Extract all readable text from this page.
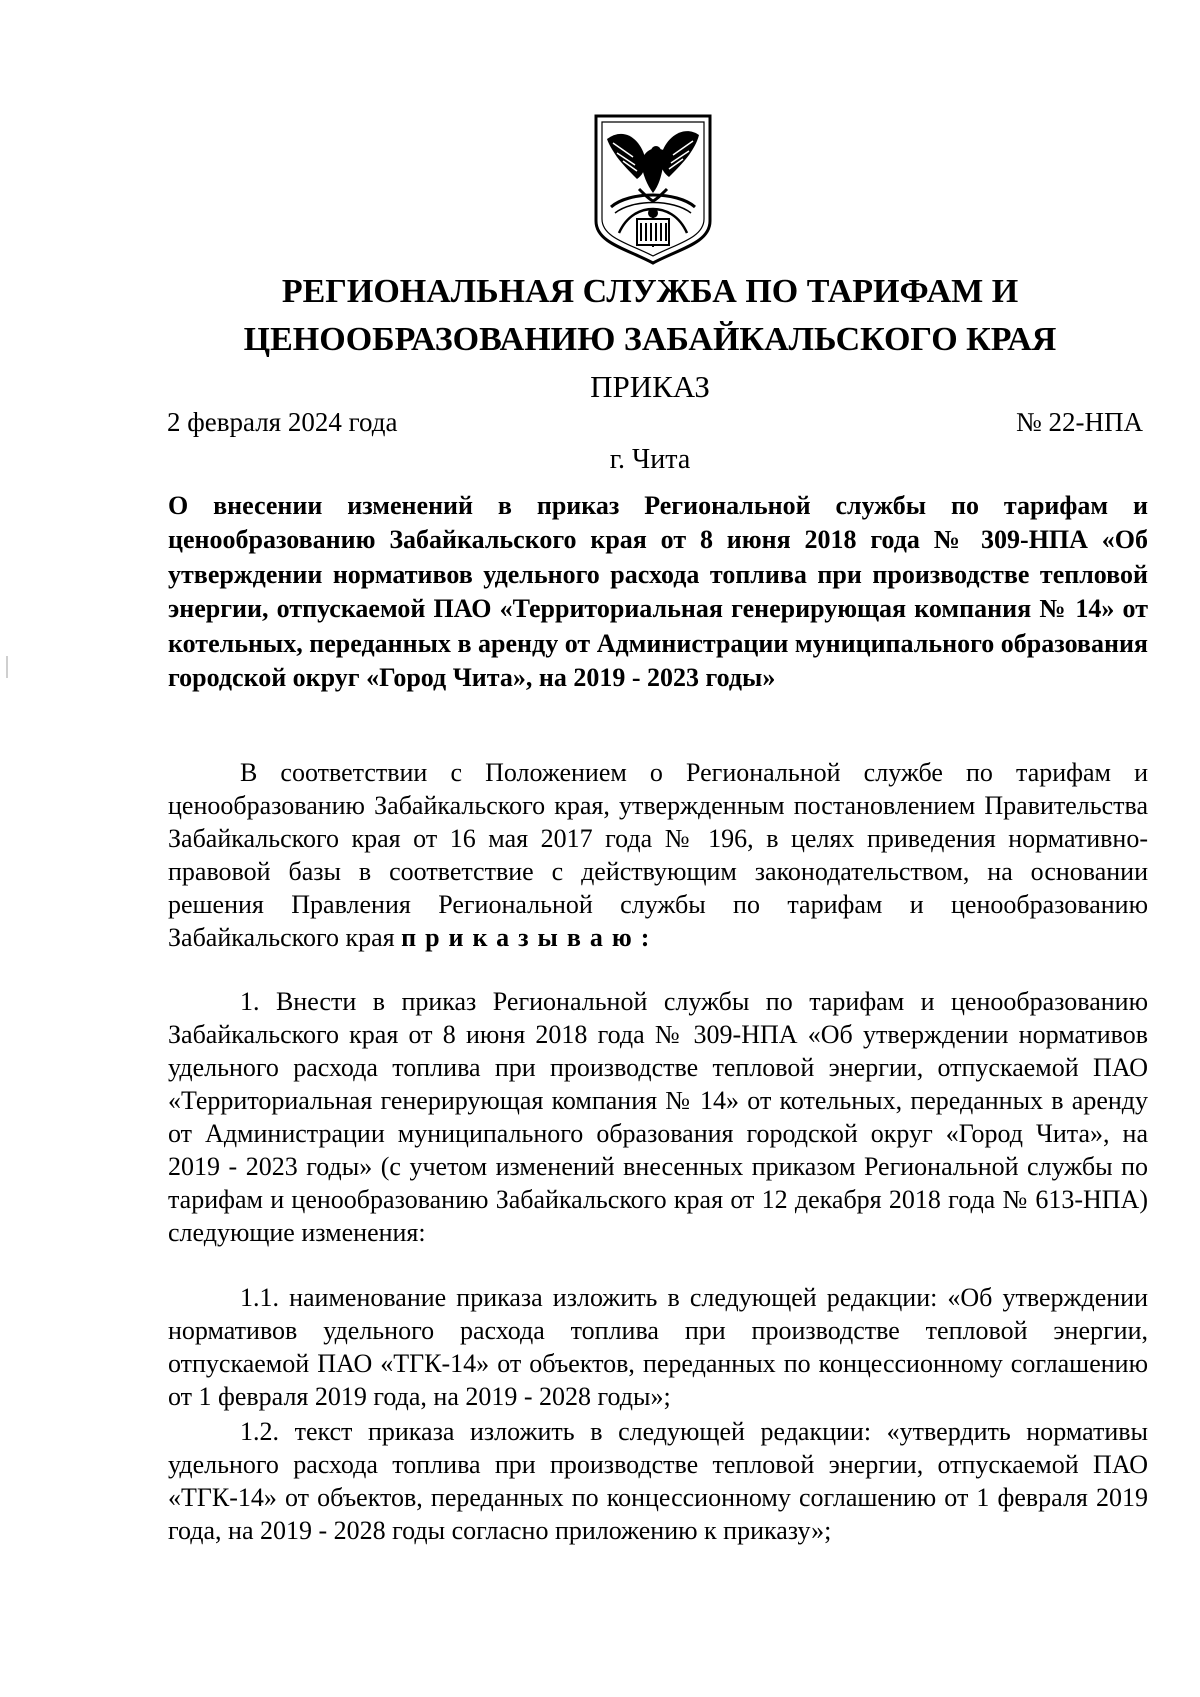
РЕГИОНАЛЬНАЯ СЛУЖБА ПО ТАРИФАМ И
ЦЕНООБРАЗОВАНИЮ ЗАБАЙКАЛЬСКОГО КРАЯ
ПРИКАЗ
2 февраля 2024 года	№ 22-НПА
г. Чита
О внесении изменений в приказ Региональной службы по тарифам и ценообразованию Забайкальского края от 8 июня 2018 года № 309-НПА «Об утверждении нормативов удельного расхода топлива при производстве тепловой энергии, отпускаемой ПАО «Территориальная генерирующая компания № 14» от котельных, переданных в аренду от Администрации муниципального образования городской округ «Город Чита», на 2019 - 2023 годы»

В соответствии с Положением о Региональной службе по тарифам и ценообразованию Забайкальского края, утвержденным постановлением Правительства Забайкальского края от 16 мая 2017 года № 196, в целях приведения нормативно-правовой базы в соответствие с действующим законодательством, на основании решения Правления Региональной службы по тарифам и ценообразованию Забайкальского края приказываю:

1. Внести в приказ Региональной службы по тарифам и ценообразованию Забайкальского края от 8 июня 2018 года № 309-НПА «Об утверждении нормативов удельного расхода топлива при производстве тепловой энергии, отпускаемой ПАО «Территориальная генерирующая компания № 14» от котельных, переданных в аренду от Администрации муниципального образования городской округ «Город Чита», на 2019 - 2023 годы» (с учетом изменений внесенных приказом Региональной службы по тарифам и ценообразованию Забайкальского края от 12 декабря 2018 года № 613-НПА) следующие изменения:

1.1. наименование приказа изложить в следующей редакции: «Об утверждении нормативов удельного расхода топлива при производстве тепловой энергии, отпускаемой ПАО «ТГК-14» от объектов, переданных по концессионному соглашению от 1 февраля 2019 года, на 2019 - 2028 годы»;

1.2. текст приказа изложить в следующей редакции: «утвердить нормативы удельного расхода топлива при производстве тепловой энергии, отпускаемой ПАО «ТГК-14» от объектов, переданных по концессионному соглашению от 1 февраля 2019 года, на 2019 - 2028 годы согласно приложению к приказу»;
